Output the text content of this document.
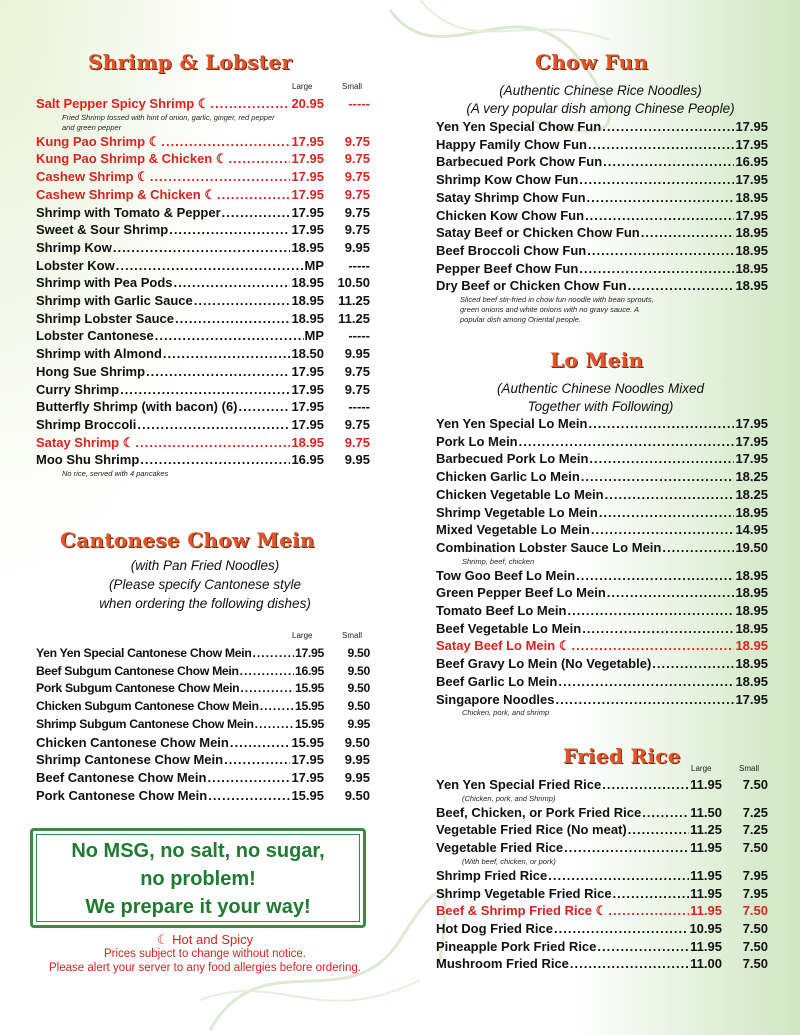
Shrimp & Lobster
Large	Small
Salt Pepper Spicy Shrimp ☾ .....	20.95	-----
Fried Shrimp tossed with hint of onion, garlic, ginger, red pepper and green pepper
Kung Pao Shrimp ☾ .....	17.95	9.75
Kung Pao Shrimp & Chicken ☾ .....	17.95	9.75
Cashew Shrimp ☾ .....	17.95	9.75
Cashew Shrimp & Chicken ☾ .....	17.95	9.75
Shrimp with Tomato & Pepper .....	17.95	9.75
Sweet & Sour Shrimp .....	17.95	9.75
Shrimp Kow .....	18.95	9.95
Lobster Kow .....	MP	-----
Shrimp with Pea Pods .....	18.95	10.50
Shrimp with Garlic Sauce .....	18.95	11.25
Shrimp Lobster Sauce .....	18.95	11.25
Lobster Cantonese .....	MP	-----
Shrimp with Almond .....	18.50	9.95
Hong Sue Shrimp .....	17.95	9.75
Curry Shrimp .....	17.95	9.75
Butterfly Shrimp (with bacon) (6) .....	17.95	-----
Shrimp Broccoli .....	17.95	9.75
Satay Shrimp ☾ .....	18.95	9.75
Moo Shu Shrimp .....	16.95	9.95
No rice, served with 4 pancakes
Cantonese Chow Mein
(with Pan Fried Noodles)
(Please specify Cantonese style
when ordering the following dishes)
Large	Small
Yen Yen Special Cantonese Chow Mein .....	17.95	9.50
Beef Subgum Cantonese Chow Mein .....	16.95	9.50
Pork Subgum Cantonese Chow Mein .....	15.95	9.50
Chicken Subgum Cantonese Chow Mein .....	15.95	9.50
Shrimp Subgum Cantonese Chow Mein .....	15.95	9.95
Chicken Cantonese Chow Mein .....	15.95	9.50
Shrimp Cantonese Chow Mein .....	17.95	9.95
Beef Cantonese Chow Mein .....	17.95	9.95
Pork Cantonese Chow Mein .....	15.95	9.50
No MSG, no salt, no sugar,
no problem!
We prepare it your way!
☾ Hot and Spicy
Prices subject to change without notice.
Please alert your server to any food allergies before ordering.
Chow Fun
(Authentic Chinese Rice Noodles)
(A very popular dish among Chinese People)
Yen Yen Special Chow Fun .....	17.95
Happy Family Chow Fun .....	17.95
Barbecued Pork Chow Fun .....	16.95
Shrimp Kow Chow Fun .....	17.95
Satay Shrimp Chow Fun .....	18.95
Chicken Kow Chow Fun .....	17.95
Satay Beef or Chicken Chow Fun .....	18.95
Beef Broccoli Chow Fun .....	18.95
Pepper Beef Chow Fun .....	18.95
Dry Beef or Chicken Chow Fun .....	18.95
Sliced beef stir-fried in chow fun noodle with bean sprouts, green onions and white onions with no gravy sauce. A popular dish among Oriental people.
Lo Mein
(Authentic Chinese Noodles Mixed
Together with Following)
Yen Yen Special Lo Mein .....	17.95
Pork Lo Mein .....	17.95
Barbecued Pork Lo Mein .....	17.95
Chicken Garlic Lo Mein .....	18.25
Chicken Vegetable Lo Mein .....	18.25
Shrimp Vegetable Lo Mein .....	18.95
Mixed Vegetable Lo Mein .....	14.95
Combination Lobster Sauce Lo Mein .....	19.50
Shrimp, beef, chicken
Tow Goo Beef Lo Mein .....	18.95
Green Pepper Beef Lo Mein .....	18.95
Tomato Beef Lo Mein .....	18.95
Beef Vegetable Lo Mein .....	18.95
Satay Beef Lo Mein ☾ .....	18.95
Beef Gravy Lo Mein (No Vegetable) .....	18.95
Beef Garlic Lo Mein .....	18.95
Singapore Noodles .....	17.95
Chicken, pork, and shrimp
Fried Rice
Large	Small
Yen Yen Special Fried Rice .....	11.95	7.50
(Chicken, pork, and Shrimp)
Beef, Chicken, or Pork Fried Rice .....	11.50	7.25
Vegetable Fried Rice (No meat) .....	11.25	7.25
Vegetable Fried Rice .....	11.95	7.50
(With beef, chicken, or pork)
Shrimp Fried Rice .....	11.95	7.95
Shrimp Vegetable Fried Rice .....	11.95	7.95
Beef & Shrimp Fried Rice ☾ .....	11.95	7.50
Hot Dog Fried Rice .....	10.95	7.50
Pineapple Pork Fried Rice .....	11.95	7.50
Mushroom Fried Rice .....	11.00	7.50
